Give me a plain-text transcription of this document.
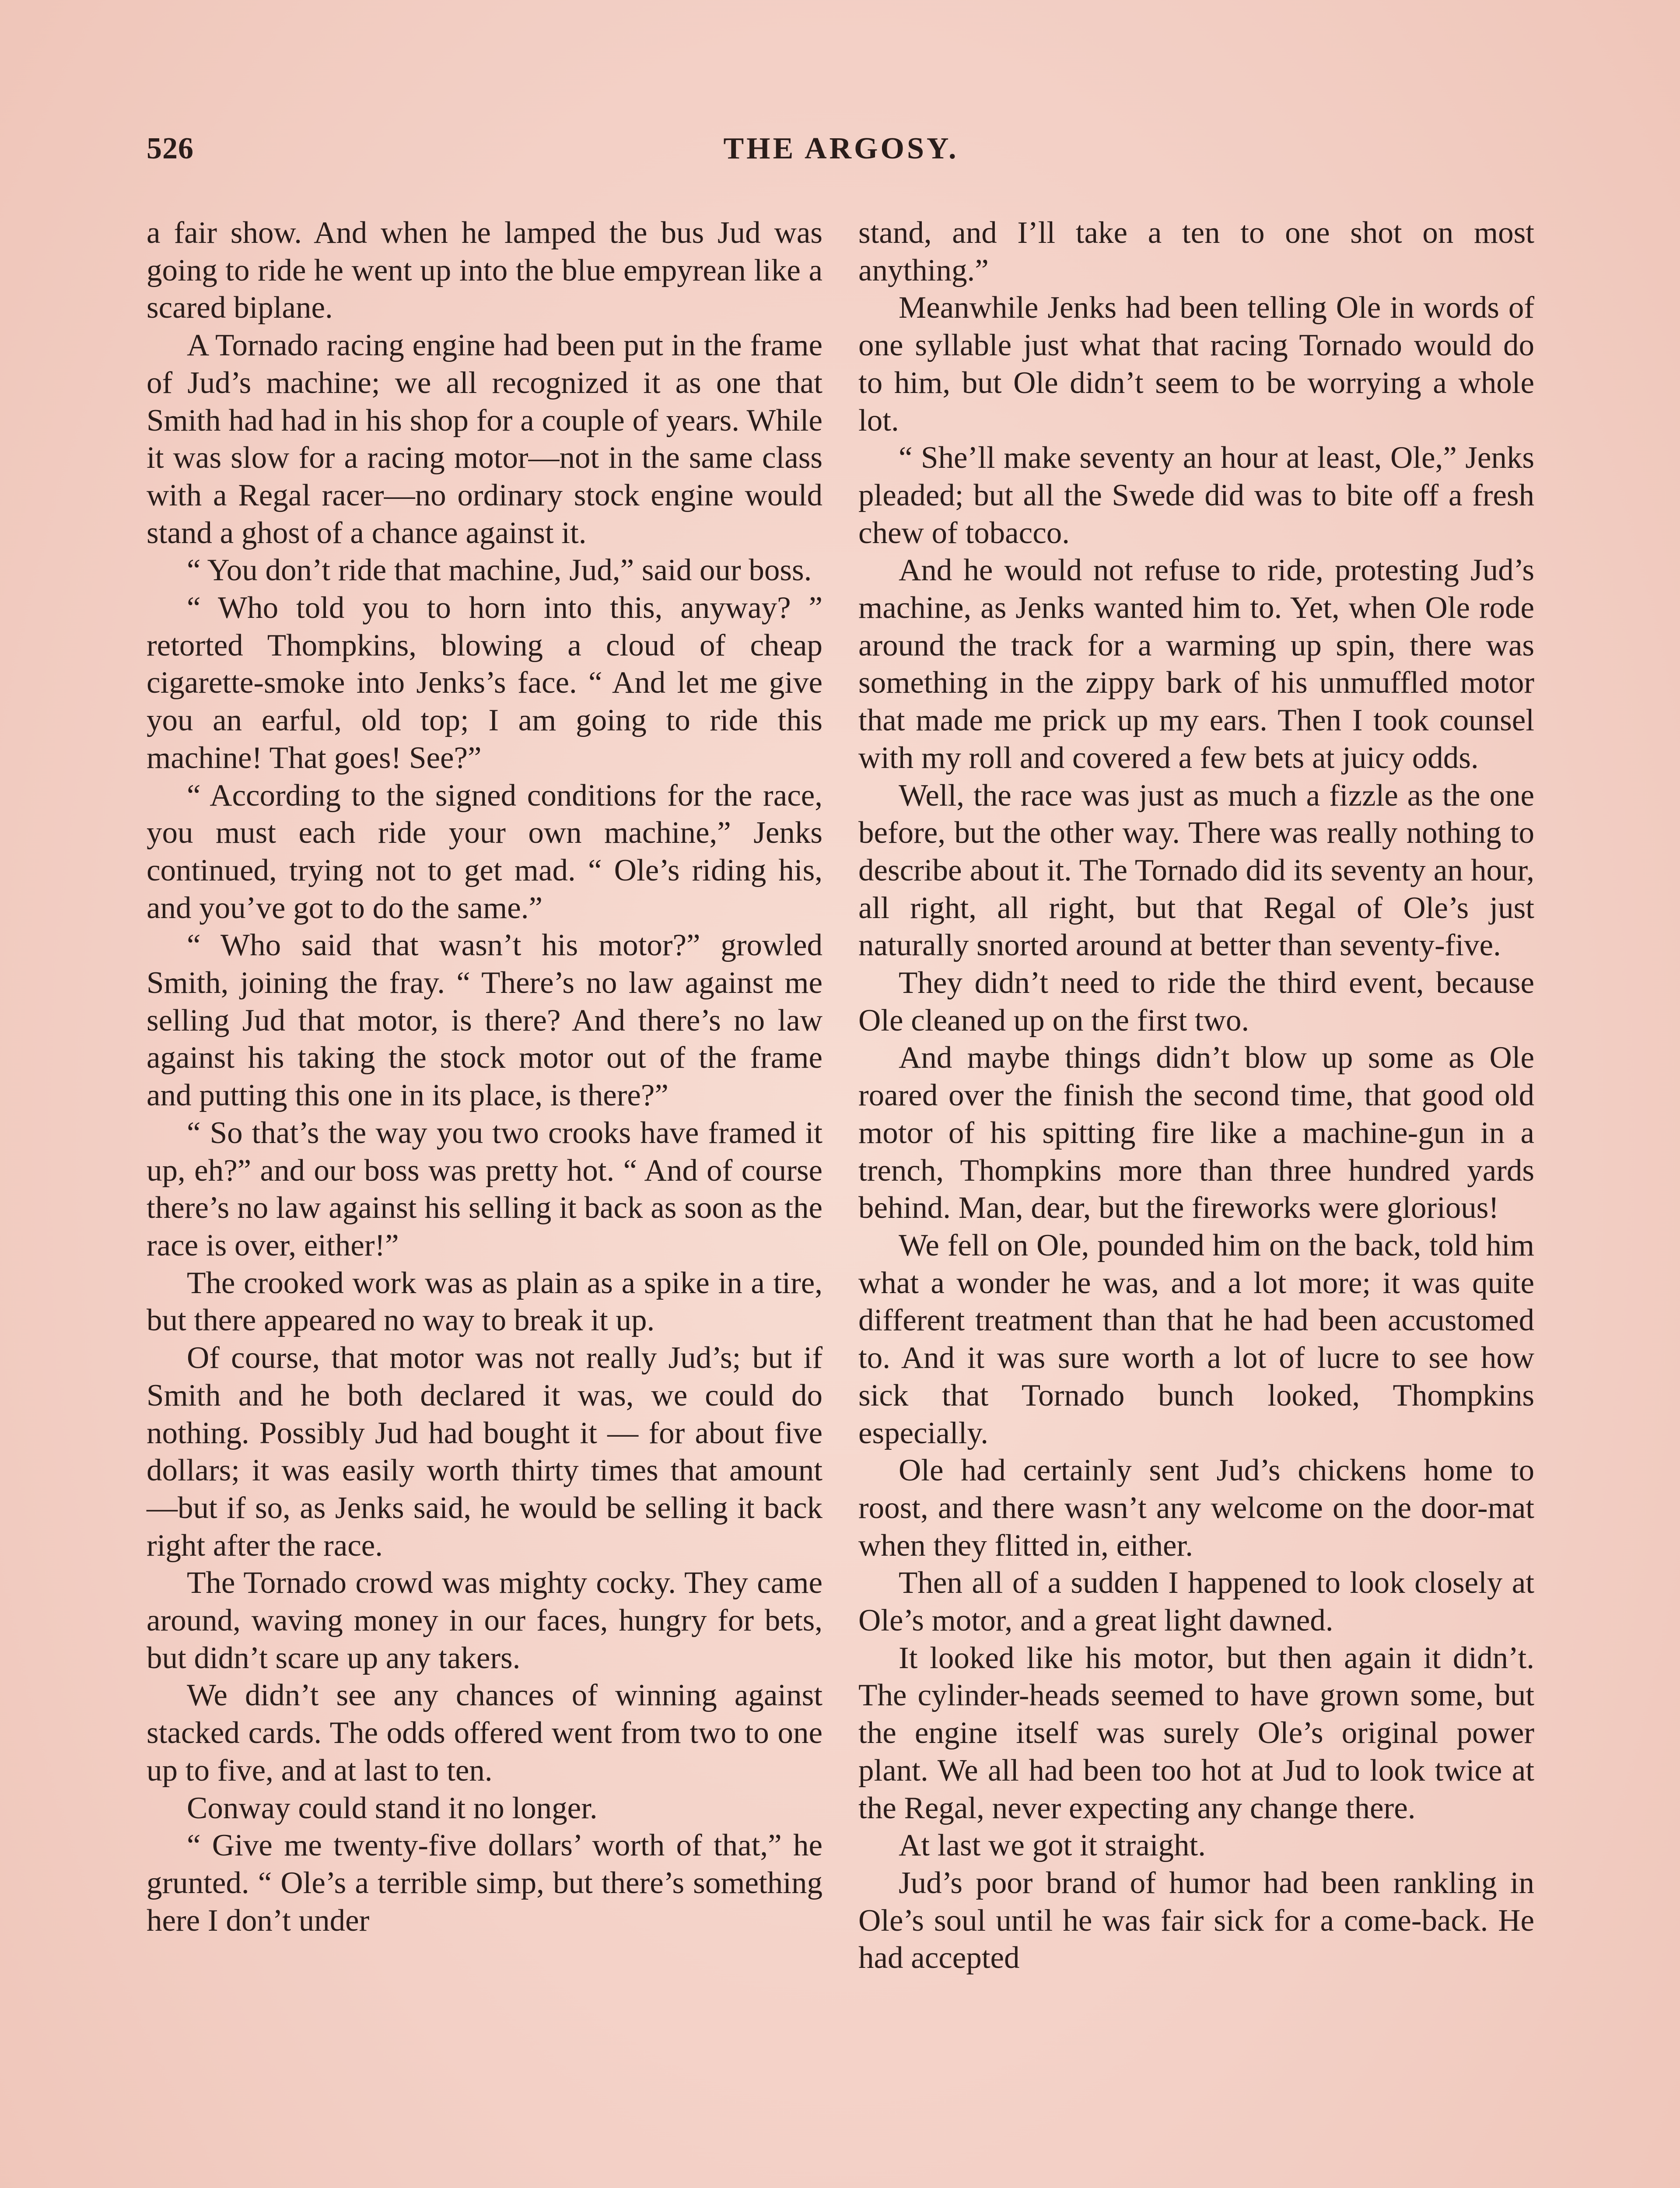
526	THE ARGOSY.

a fair show. And when he lamped the bus Jud was going to ride he went up into the blue empyrean like a scared biplane.

A Tornado racing engine had been put in the frame of Jud’s machine; we all recognized it as one that Smith had had in his shop for a couple of years. While it was slow for a racing motor—not in the same class with a Regal racer—no ordinary stock engine would stand a ghost of a chance against it.

“ You don’t ride that machine, Jud,” said our boss.

“ Who told you to horn into this, anyway? ” retorted Thompkins, blowing a cloud of cheap cigarette-smoke into Jenks’s face. “ And let me give you an earful, old top; I am going to ride this machine! That goes! See?”

“ According to the signed conditions for the race, you must each ride your own machine,” Jenks continued, trying not to get mad. “ Ole’s riding his, and you’ve got to do the same.”

“ Who said that wasn’t his motor?” growled Smith, joining the fray. “ There’s no law against me selling Jud that motor, is there? And there’s no law against his taking the stock motor out of the frame and putting this one in its place, is there?”

“ So that’s the way you two crooks have framed it up, eh?” and our boss was pretty hot. “ And of course there’s no law against his selling it back as soon as the race is over, either!”

The crooked work was as plain as a spike in a tire, but there appeared no way to break it up.

Of course, that motor was not really Jud’s; but if Smith and he both declared it was, we could do nothing. Possibly Jud had bought it — for about five dollars; it was easily worth thirty times that amount —but if so, as Jenks said, he would be selling it back right after the race.

The Tornado crowd was mighty cocky. They came around, waving money in our faces, hungry for bets, but didn’t scare up any takers.

We didn’t see any chances of winning against stacked cards. The odds offered went from two to one up to five, and at last to ten.

Conway could stand it no longer.

“ Give me twenty-five dollars’ worth of that,” he grunted. “ Ole’s a terrible simp, but there’s something here I don’t under

stand, and I’ll take a ten to one shot on most anything.”

Meanwhile Jenks had been telling Ole in words of one syllable just what that racing Tornado would do to him, but Ole didn’t seem to be worrying a whole lot.

“ She’ll make seventy an hour at least, Ole,” Jenks pleaded; but all the Swede did was to bite off a fresh chew of tobacco.

And he would not refuse to ride, protesting Jud’s machine, as Jenks wanted him to. Yet, when Ole rode around the track for a warming up spin, there was something in the zippy bark of his unmuffled motor that made me prick up my ears. Then I took counsel with my roll and covered a few bets at juicy odds.

Well, the race was just as much a fizzle as the one before, but the other way. There was really nothing to describe about it. The Tornado did its seventy an hour, all right, all right, but that Regal of Ole’s just naturally snorted around at better than seventy-five.

They didn’t need to ride the third event, because Ole cleaned up on the first two.

And maybe things didn’t blow up some as Ole roared over the finish the second time, that good old motor of his spitting fire like a machine-gun in a trench, Thompkins more than three hundred yards behind. Man, dear, but the fireworks were glorious!

We fell on Ole, pounded him on the back, told him what a wonder he was, and a lot more; it was quite different treatment than that he had been accustomed to. And it was sure worth a lot of lucre to see how sick that Tornado bunch looked, Thompkins especially.

Ole had certainly sent Jud’s chickens home to roost, and there wasn’t any welcome on the door-mat when they flitted in, either.

Then all of a sudden I happened to look closely at Ole’s motor, and a great light dawned.

It looked like his motor, but then again it didn’t. The cylinder-heads seemed to have grown some, but the engine itself was surely Ole’s original power plant. We all had been too hot at Jud to look twice at the Regal, never expecting any change there.

At last we got it straight.

Jud’s poor brand of humor had been rankling in Ole’s soul until he was fair sick for a come-back. He had accepted
